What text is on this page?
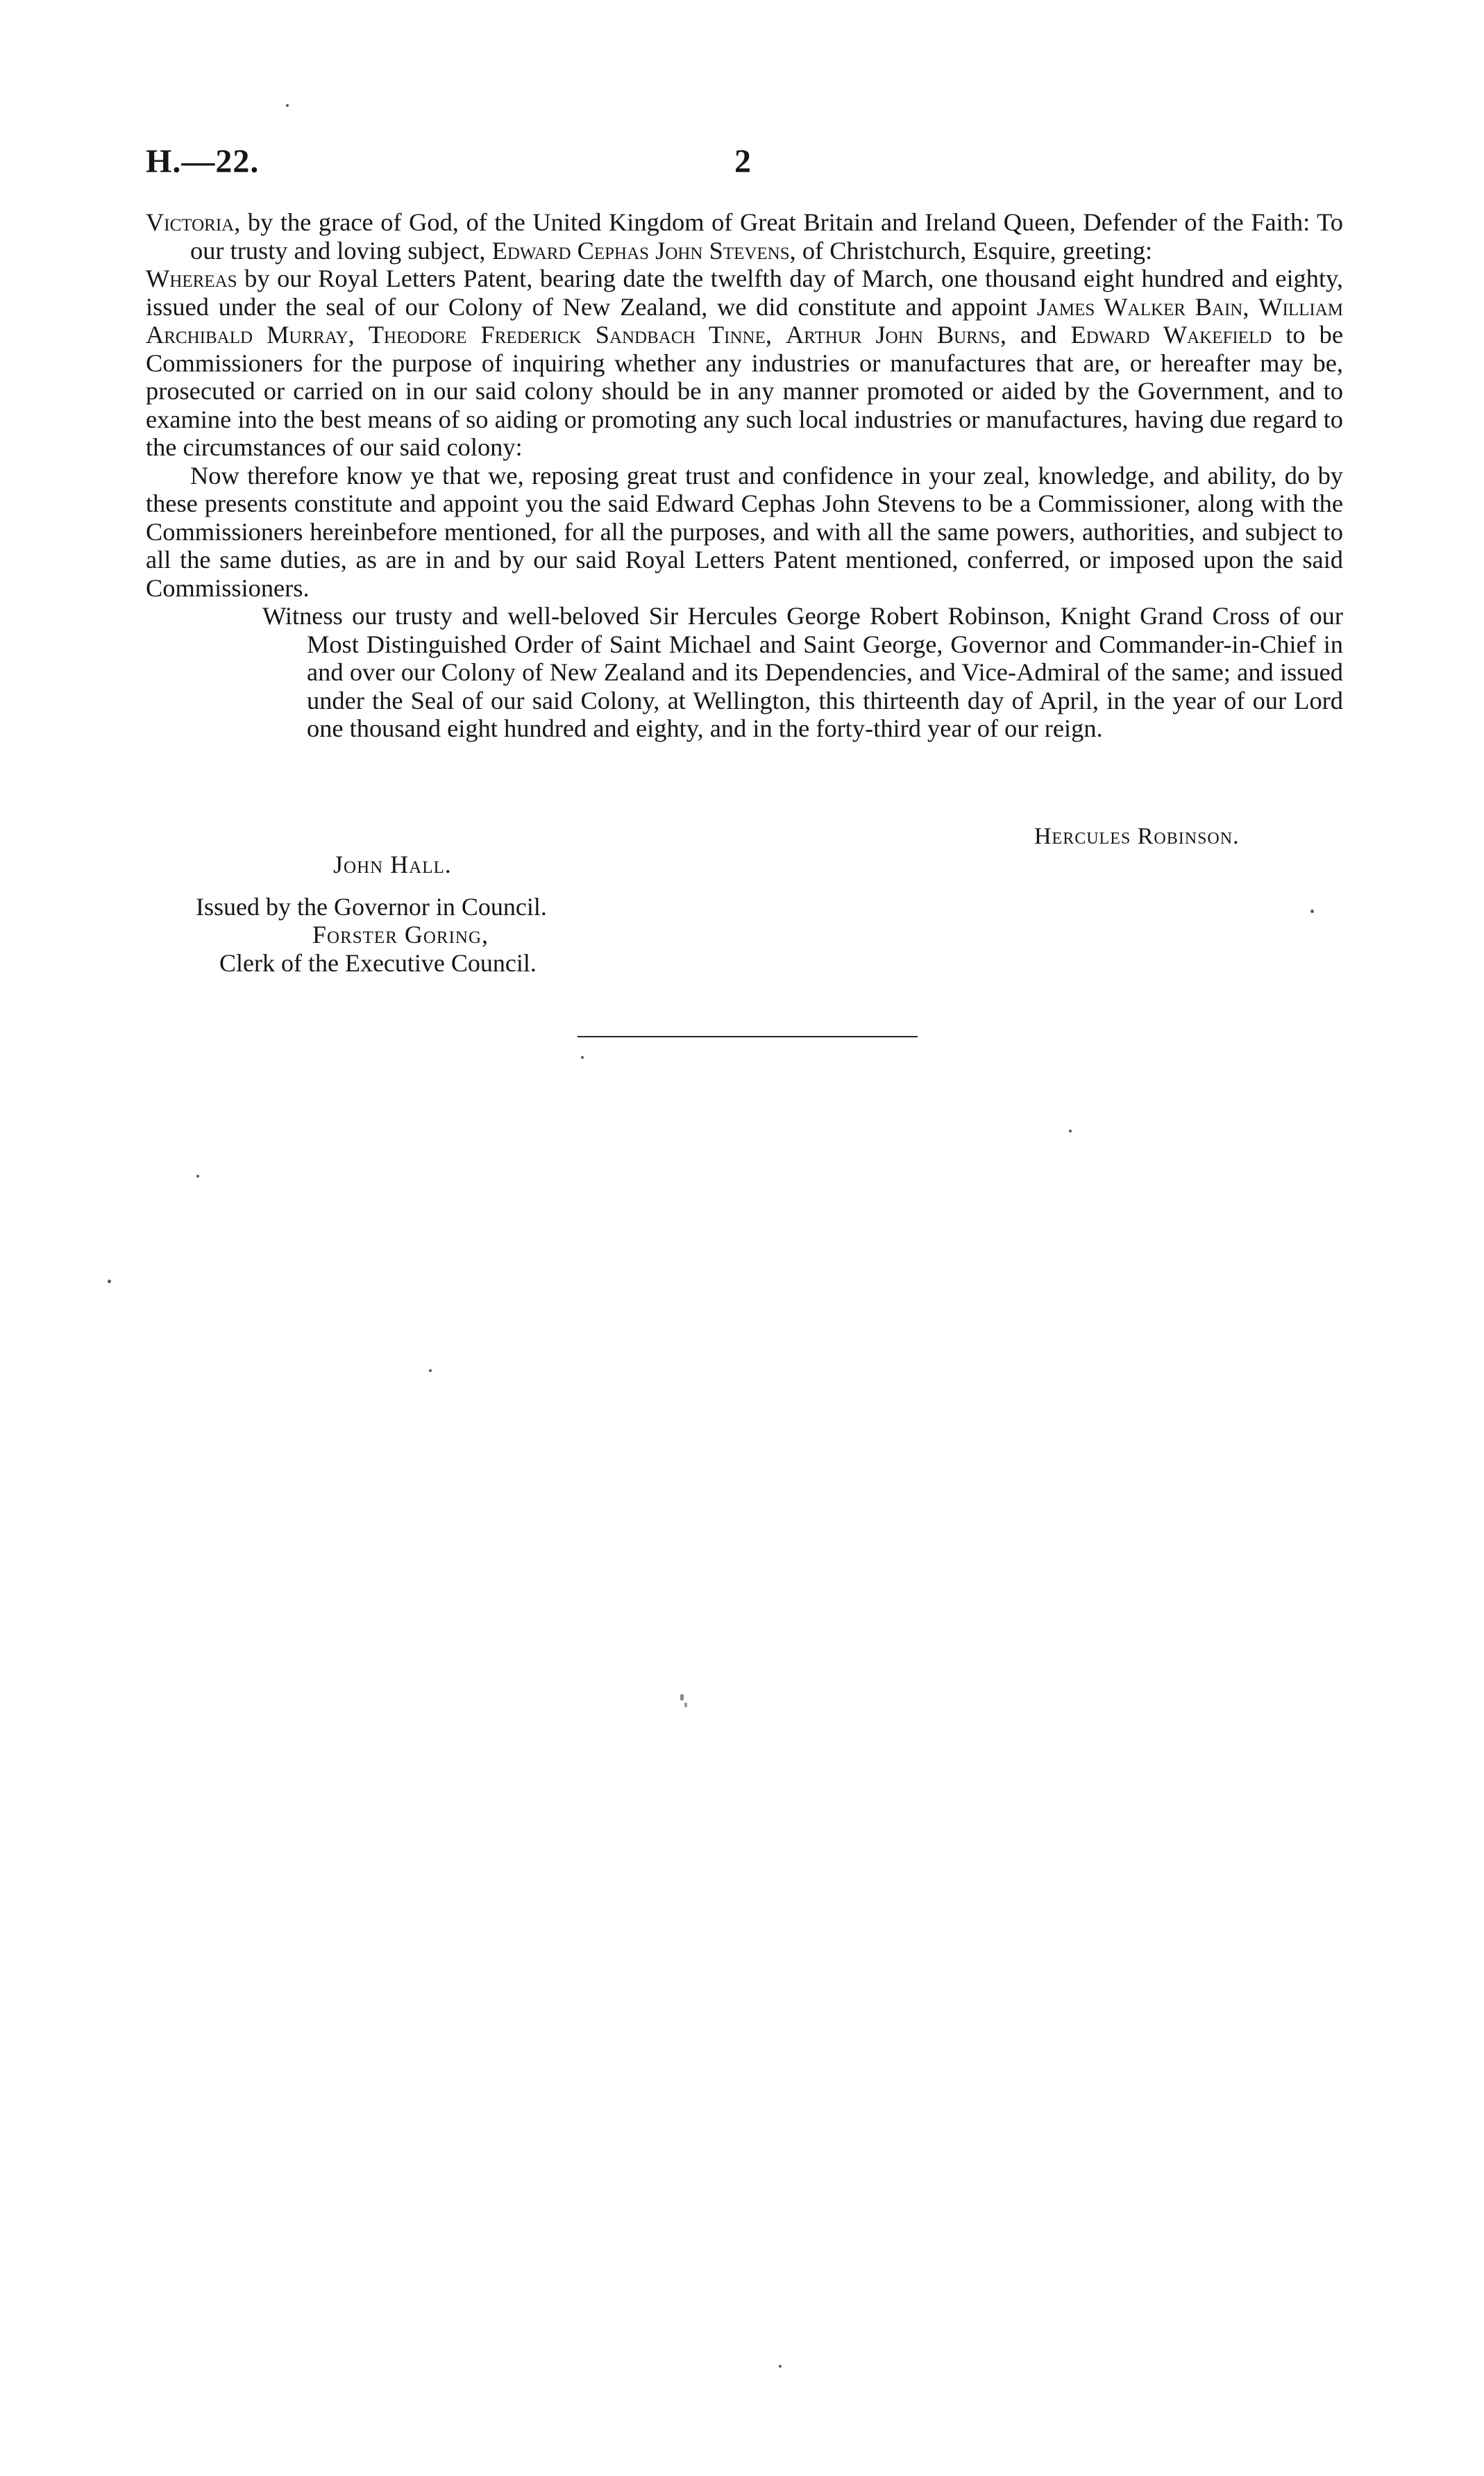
H.—22.	2

Victoria, by the grace of God, of the United Kingdom of Great Britain and Ireland Queen, Defender of the Faith: To our trusty and loving subject, Edward Cephas John Stevens, of Christchurch, Esquire, greeting:

Whereas by our Royal Letters Patent, bearing date the twelfth day of March, one thousand eight hundred and eighty, issued under the seal of our Colony of New Zealand, we did constitute and appoint James Walker Bain, William Archibald Murray, Theodore Frederick Sandbach Tinne, Arthur John Burns, and Edward Wakefield to be Commissioners for the purpose of inquiring whether any industries or manufactures that are, or hereafter may be, prosecuted or carried on in our said colony should be in any manner promoted or aided by the Government, and to examine into the best means of so aiding or promoting any such local industries or manufactures, having due regard to the circumstances of our said colony:

Now therefore know ye that we, reposing great trust and confidence in your zeal, knowledge, and ability, do by these presents constitute and appoint you the said Edward Cephas John Stevens to be a Commissioner, along with the Commissioners hereinbefore mentioned, for all the purposes, and with all the same powers, authorities, and subject to all the same duties, as are in and by our said Royal Letters Patent mentioned, conferred, or imposed upon the said Commissioners.

Witness our trusty and well-beloved Sir Hercules George Robert Robinson, Knight Grand Cross of our Most Distinguished Order of Saint Michael and Saint George, Governor and Commander-in-Chief in and over our Colony of New Zealand and its Dependencies, and Vice-Admiral of the same; and issued under the Seal of our said Colony, at Wellington, this thirteenth day of April, in the year of our Lord one thousand eight hundred and eighty, and in the forty-third year of our reign.

Hercules Robinson.
John Hall.
Issued by the Governor in Council.
Forster Goring,
Clerk of the Executive Council.
